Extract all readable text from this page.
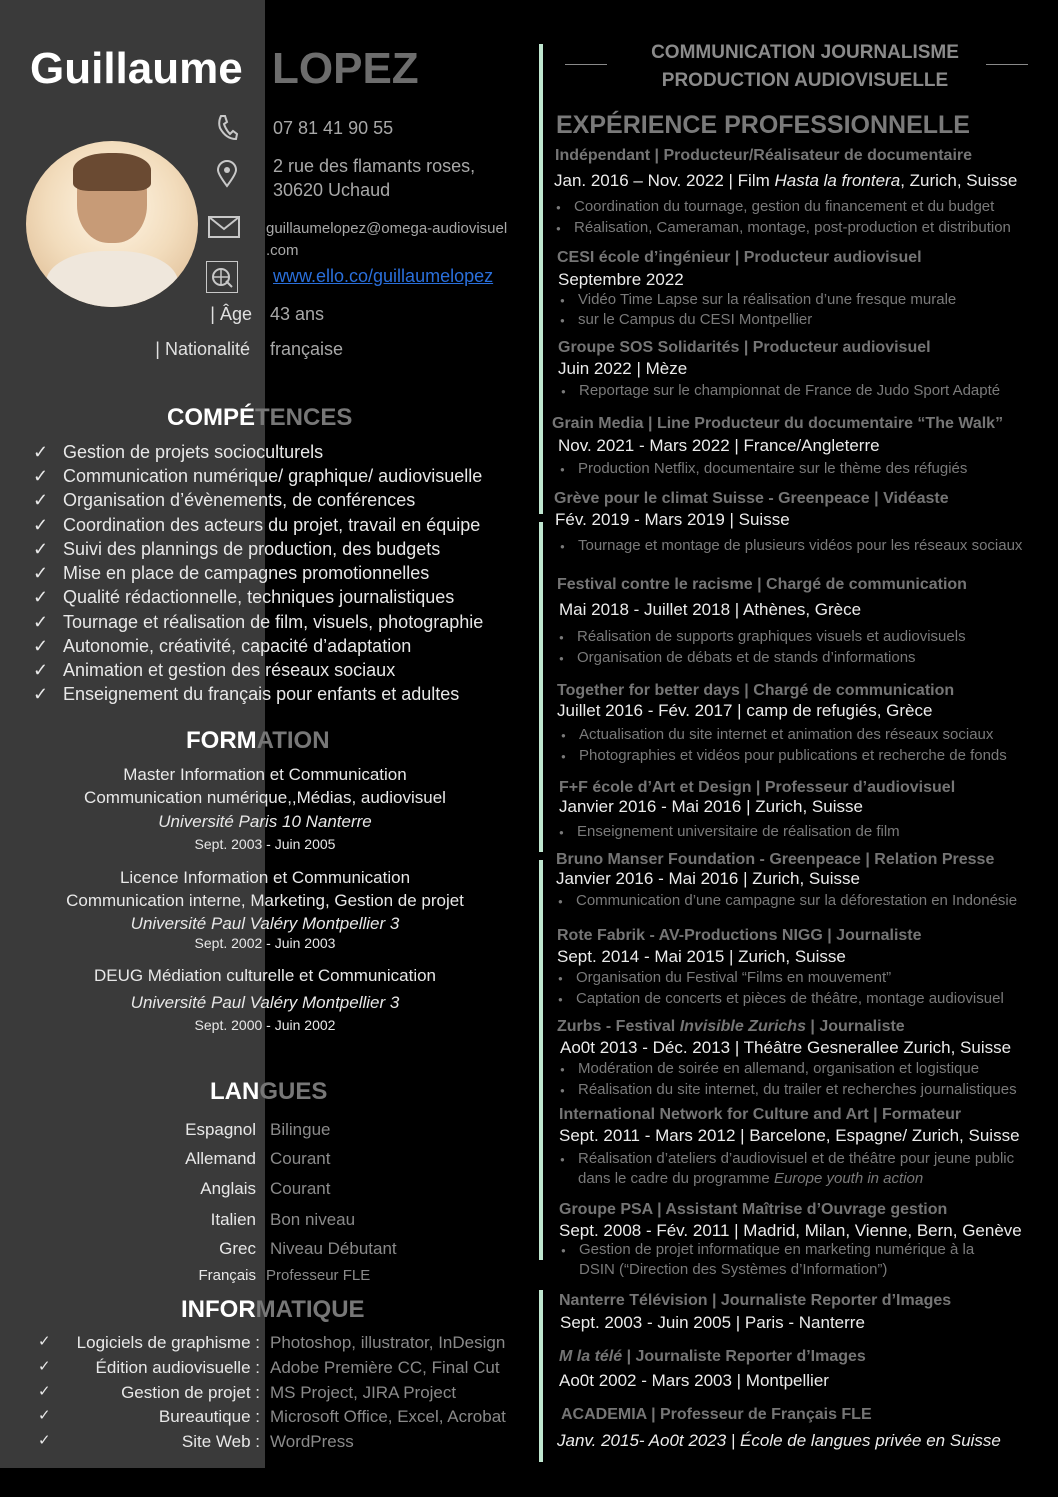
Guillaume LOPEZ
07 81 41 90 55
2 rue des flamants roses,
30620 Uchaud
guillaumelopez@omega-audiovisuel
.com
www.ello.co/guillaumelopez
| Âge 43 ans
| Nationalité française
COMPÉTENCES
✓ Gestion de projets socioculturels
✓ Communication numérique/ graphique/ audiovisuelle
✓ Organisation d’évènements, de conférences
✓ Coordination des acteurs du projet, travail en équipe
✓ Suivi des plannings de production, des budgets
✓ Mise en place de campagnes promotionnelles
✓ Qualité rédactionnelle, techniques journalistiques
✓ Tournage et réalisation de film, visuels, photographie
✓ Autonomie, créativité, capacité d’adaptation
✓ Animation et gestion des réseaux sociaux
✓ Enseignement du français pour enfants et adultes
FORMATION
Master Information et Communication
Communication numérique,,Médias, audiovisuel
Université Paris 10 Nanterre
Sept. 2003 - Juin 2005
Licence Information et Communication
Communication interne, Marketing, Gestion de projet
Université Paul Valéry Montpellier 3
Sept. 2002 - Juin 2003
DEUG Médiation culturelle et Communication
Université Paul Valéry Montpellier 3
Sept. 2000 - Juin 2002
LANGUES
Espagnol Bilingue
Allemand Courant
Anglais Courant
Italien Bon niveau
Grec Niveau Débutant
Français Professeur FLE
INFORMATIQUE
✓	Logiciels de graphisme : Photoshop, illustrator, InDesign
✓	Édition audiovisuelle : Adobe Première CC, Final Cut
✓	Gestion de projet : MS Project, JIRA Project
✓	Bureautique : Microsoft Office, Excel, Acrobat
✓	Site Web : WordPress
COMMUNICATION JOURNALISME
PRODUCTION AUDIOVISUELLE
EXPÉRIENCE PROFESSIONNELLE
Indépendant | Producteur/Réalisateur de documentaire
Jan. 2016 – Nov. 2022 | Film Hasta la frontera, Zurich, Suisse
● Coordination du tournage, gestion du financement et du budget
● Réalisation, Cameraman, montage, post-production et distribution
CESI école d’ingénieur | Producteur audiovisuel
Septembre 2022
● Vidéo Time Lapse sur la réalisation d’une fresque murale
● sur le Campus du CESI Montpellier
Groupe SOS Solidarités | Producteur audiovisuel
Juin 2022 | Mèze
● Reportage sur le championnat de France de Judo Sport Adapté
Grain Media | Line Producteur du documentaire “The Walk”
Nov. 2021 - Mars 2022 | France/Angleterre
● Production Netflix, documentaire sur le thème des réfugiés
Grève pour le climat Suisse - Greenpeace | Vidéaste
Fév. 2019 - Mars 2019 | Suisse
● Tournage et montage de plusieurs vidéos pour les réseaux sociaux
Festival contre le racisme | Chargé de communication
Mai 2018 - Juillet 2018 | Athènes, Grèce
● Réalisation de supports graphiques visuels et audiovisuels
● Organisation de débats et de stands d’informations
Together for better days | Chargé de communication
Juillet 2016 - Fév. 2017 | camp de refugiés, Grèce
● Actualisation du site internet et animation des réseaux sociaux
● Photographies et vidéos pour publications et recherche de fonds
F+F école d’Art et Design | Professeur d’audiovisuel
Janvier 2016 - Mai 2016 | Zurich, Suisse
● Enseignement universitaire de réalisation de film
Bruno Manser Foundation - Greenpeace | Relation Presse
Janvier 2016 - Mai 2016 | Zurich, Suisse
● Communication d’une campagne sur la déforestation en Indonésie
Rote Fabrik - AV-Productions NIGG | Journaliste
Sept. 2014 - Mai 2015 | Zurich, Suisse
● Organisation du Festival “Films en mouvement”
● Captation de concerts et pièces de théâtre, montage audiovisuel
Zurbs - Festival Invisible Zurichs | Journaliste
Ao0t 2013 - Déc. 2013 | Théâtre Gesnerallee Zurich, Suisse
● Modération de soirée en allemand, organisation et logistique
● Réalisation du site internet, du trailer et recherches journalistiques
International Network for Culture and Art | Formateur
Sept. 2011 - Mars 2012 | Barcelone, Espagne/ Zurich, Suisse
● Réalisation d’ateliers d’audiovisuel et de théâtre pour jeune public
dans le cadre du programme Europe youth in action
Groupe PSA | Assistant Maîtrise d’Ouvrage gestion
Sept. 2008 - Fév. 2011 | Madrid, Milan, Vienne, Bern, Genève
● Gestion de projet informatique en marketing numérique à la
DSIN (“Direction des Systèmes d’Information”)
Nanterre Télévision | Journaliste Reporter d’Images
Sept. 2003 - Juin 2005 | Paris - Nanterre
M la télé | Journaliste Reporter d’Images
Ao0t 2002 - Mars 2003 | Montpellier
ACADEMIA | Professeur de Français FLE
Janv. 2015- Ao0t 2023 | École de langues privée en Suisse
